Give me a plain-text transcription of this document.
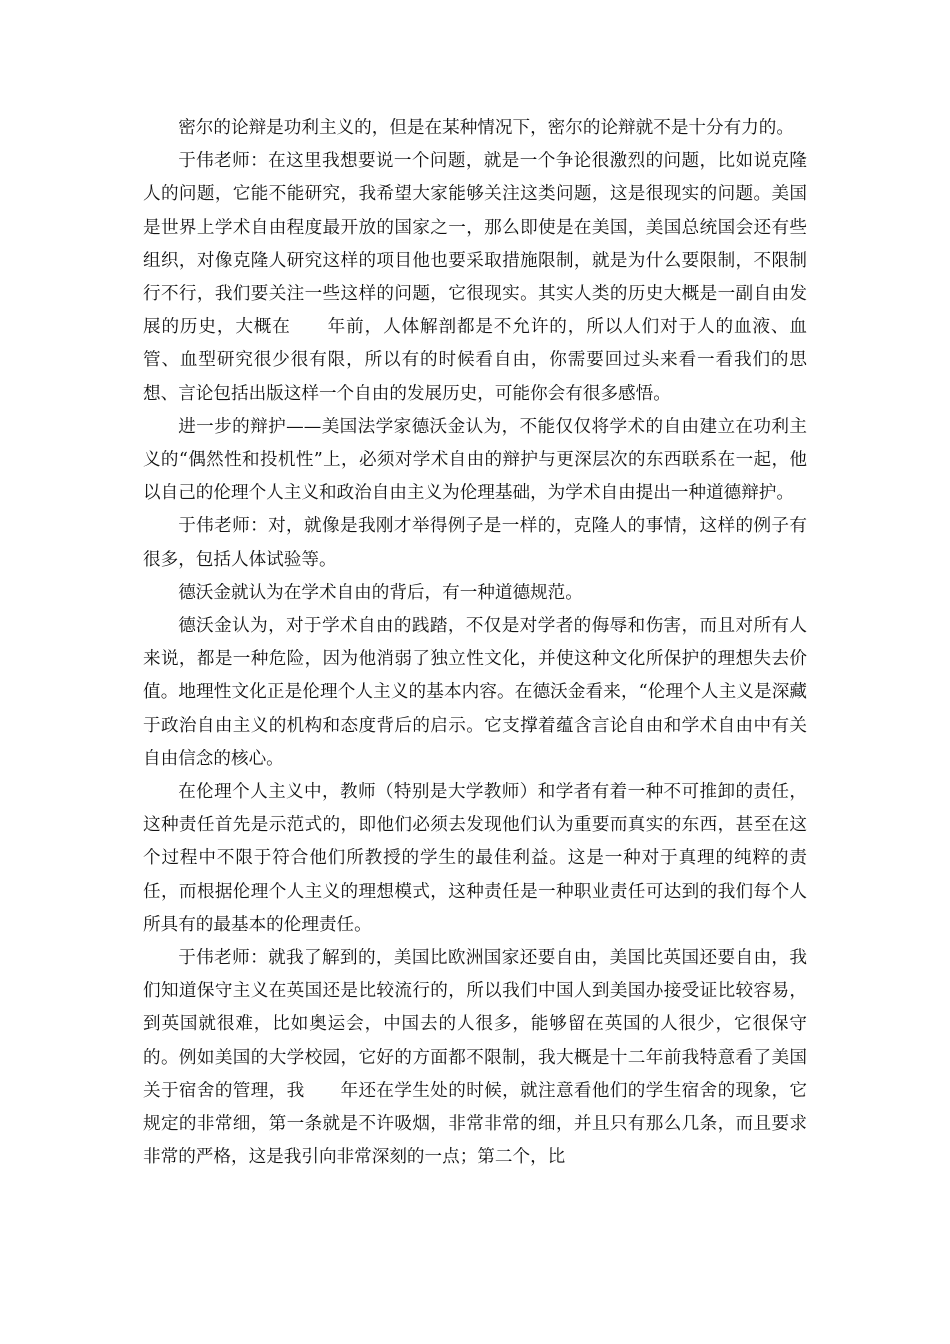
密尔的论辩是功利主义的，但是在某种情况下，密尔的论辩就不是十分有力的。

于伟老师：在这里我想要说一个问题，就是一个争论很激烈的问题，比如说克隆人的问题，它能不能研究，我希望大家能够关注这类问题，这是很现实的问题。美国是世界上学术自由程度最开放的国家之一，那么即使是在美国，美国总统国会还有些组织，对像克隆人研究这样的项目他也要采取措施限制，就是为什么要限制，不限制行不行，我们要关注一些这样的问题，它很现实。其实人类的历史大概是一副自由发展的历史，大概在　　年前，人体解剖都是不允许的，所以人们对于人的血液、血管、血型研究很少很有限，所以有的时候看自由，你需要回过头来看一看我们的思想、言论包括出版这样一个自由的发展历史，可能你会有很多感悟。

进一步的辩护——美国法学家德沃金认为，不能仅仅将学术的自由建立在功利主义的“偶然性和投机性”上，必须对学术自由的辩护与更深层次的东西联系在一起，他以自己的伦理个人主义和政治自由主义为伦理基础，为学术自由提出一种道德辩护。

于伟老师：对，就像是我刚才举得例子是一样的，克隆人的事情，这样的例子有很多，包括人体试验等。

德沃金就认为在学术自由的背后，有一种道德规范。

德沃金认为，对于学术自由的践踏，不仅是对学者的侮辱和伤害，而且对所有人来说，都是一种危险，因为他消弱了独立性文化，并使这种文化所保护的理想失去价值。地理性文化正是伦理个人主义的基本内容。在德沃金看来，“伦理个人主义是深藏于政治自由主义的机构和态度背后的启示。它支撑着蕴含言论自由和学术自由中有关自由信念的核心。

在伦理个人主义中，教师（特别是大学教师）和学者有着一种不可推卸的责任，这种责任首先是示范式的，即他们必须去发现他们认为重要而真实的东西，甚至在这个过程中不限于符合他们所教授的学生的最佳利益。这是一种对于真理的纯粹的责任，而根据伦理个人主义的理想模式，这种责任是一种职业责任可达到的我们每个人所具有的最基本的伦理责任。

于伟老师：就我了解到的，美国比欧洲国家还要自由，美国比英国还要自由，我们知道保守主义在英国还是比较流行的，所以我们中国人到美国办接受证比较容易，到英国就很难，比如奥运会，中国去的人很多，能够留在英国的人很少，它很保守的。例如美国的大学校园，它好的方面都不限制，我大概是十二年前我特意看了美国关于宿舍的管理，我　　年还在学生处的时候，就注意看他们的学生宿舍的现象，它规定的非常细，第一条就是不许吸烟，非常非常的细，并且只有那么几条，而且要求非常的严格，这是我引向非常深刻的一点；第二个，比
